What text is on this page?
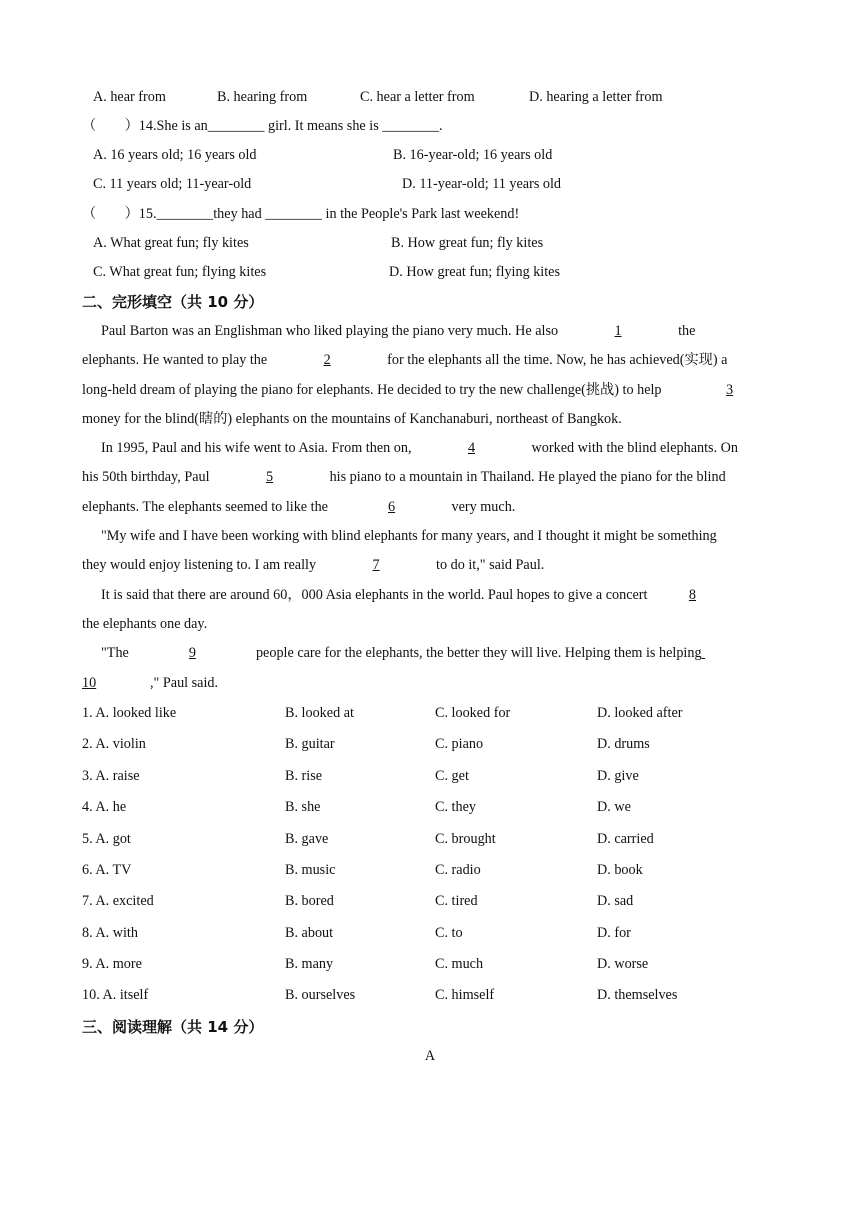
A. hear from	B. hearing from	C. hear a letter from	D. hearing a letter from
（　　）14.She is an________ girl. It means she is ________.
A. 16 years old; 16 years old	B. 16-year-old; 16 years old
C. 11 years old; 11-year-old	D. 11-year-old; 11 years old
（　　）15.________they had ________ in the People's Park last weekend!
A. What great fun; fly kites	B. How great fun; fly kites
C. What great fun; flying kites	D. How great fun; flying kites
二、完形填空（共 10 分）
Paul Barton was an Englishman who liked playing the piano very much. He also	1	the
elephants. He wanted to play the	2	for the elephants all the time. Now, he has achieved(实现) a
long-held dream of playing the piano for elephants. He decided to try the new challenge(挑战) to help	3
money for the blind(瞎的) elephants on the mountains of Kanchanaburi, northeast of Bangkok.
In 1995, Paul and his wife went to Asia. From then on,	4	worked with the blind elephants. On
his 50th birthday, Paul	5	his piano to a mountain in Thailand. He played the piano for the blind
elephants. The elephants seemed to like the	6	very much.
"My wife and I have been working with blind elephants for many years, and I thought it might be something
they would enjoy listening to. I am really	7	to do it," said Paul.
It is said that there are around 60，000 Asia elephants in the world. Paul hopes to give a concert	8
the elephants one day.
"The	9	people care for the elephants, the better they will live. Helping them is helping
10	," Paul said.
1. A. looked like	B. looked at	C. looked for	D. looked after
2. A. violin	B. guitar	C. piano	D. drums
3. A. raise	B. rise	C. get	D. give
4. A. he	B. she	C. they	D. we
5. A. got	B. gave	C. brought	D. carried
6. A. TV	B. music	C. radio	D. book
7. A. excited	B. bored	C. tired	D. sad
8. A. with	B. about	C. to	D. for
9. A. more	B. many	C. much	D. worse
10. A. itself	B. ourselves	C. himself	D. themselves
三、阅读理解（共 14 分）
A
